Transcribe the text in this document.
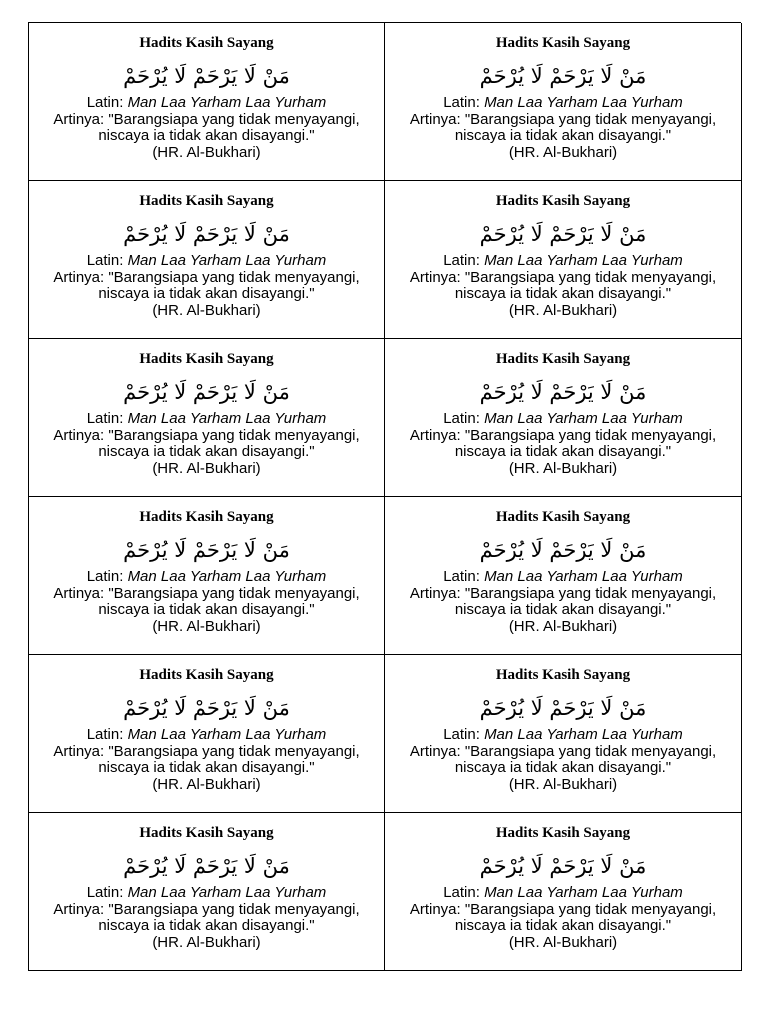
Hadits Kasih Sayang
مَنْ لَا يَرْحَمْ لَا يُرْحَمْ
Latin: Man Laa Yarham Laa Yurham
Artinya: "Barangsiapa yang tidak menyayangi,
niscaya ia tidak akan disayangi."
(HR. Al-Bukhari)
Hadits Kasih Sayang
مَنْ لَا يَرْحَمْ لَا يُرْحَمْ
Latin: Man Laa Yarham Laa Yurham
Artinya: "Barangsiapa yang tidak menyayangi,
niscaya ia tidak akan disayangi."
(HR. Al-Bukhari)
Hadits Kasih Sayang
مَنْ لَا يَرْحَمْ لَا يُرْحَمْ
Latin: Man Laa Yarham Laa Yurham
Artinya: "Barangsiapa yang tidak menyayangi,
niscaya ia tidak akan disayangi."
(HR. Al-Bukhari)
Hadits Kasih Sayang
مَنْ لَا يَرْحَمْ لَا يُرْحَمْ
Latin: Man Laa Yarham Laa Yurham
Artinya: "Barangsiapa yang tidak menyayangi,
niscaya ia tidak akan disayangi."
(HR. Al-Bukhari)
Hadits Kasih Sayang
مَنْ لَا يَرْحَمْ لَا يُرْحَمْ
Latin: Man Laa Yarham Laa Yurham
Artinya: "Barangsiapa yang tidak menyayangi,
niscaya ia tidak akan disayangi."
(HR. Al-Bukhari)
Hadits Kasih Sayang
مَنْ لَا يَرْحَمْ لَا يُرْحَمْ
Latin: Man Laa Yarham Laa Yurham
Artinya: "Barangsiapa yang tidak menyayangi,
niscaya ia tidak akan disayangi."
(HR. Al-Bukhari)
Hadits Kasih Sayang
مَنْ لَا يَرْحَمْ لَا يُرْحَمْ
Latin: Man Laa Yarham Laa Yurham
Artinya: "Barangsiapa yang tidak menyayangi,
niscaya ia tidak akan disayangi."
(HR. Al-Bukhari)
Hadits Kasih Sayang
مَنْ لَا يَرْحَمْ لَا يُرْحَمْ
Latin: Man Laa Yarham Laa Yurham
Artinya: "Barangsiapa yang tidak menyayangi,
niscaya ia tidak akan disayangi."
(HR. Al-Bukhari)
Hadits Kasih Sayang
مَنْ لَا يَرْحَمْ لَا يُرْحَمْ
Latin: Man Laa Yarham Laa Yurham
Artinya: "Barangsiapa yang tidak menyayangi,
niscaya ia tidak akan disayangi."
(HR. Al-Bukhari)
Hadits Kasih Sayang
مَنْ لَا يَرْحَمْ لَا يُرْحَمْ
Latin: Man Laa Yarham Laa Yurham
Artinya: "Barangsiapa yang tidak menyayangi,
niscaya ia tidak akan disayangi."
(HR. Al-Bukhari)
Hadits Kasih Sayang
مَنْ لَا يَرْحَمْ لَا يُرْحَمْ
Latin: Man Laa Yarham Laa Yurham
Artinya: "Barangsiapa yang tidak menyayangi,
niscaya ia tidak akan disayangi."
(HR. Al-Bukhari)
Hadits Kasih Sayang
مَنْ لَا يَرْحَمْ لَا يُرْحَمْ
Latin: Man Laa Yarham Laa Yurham
Artinya: "Barangsiapa yang tidak menyayangi,
niscaya ia tidak akan disayangi."
(HR. Al-Bukhari)
